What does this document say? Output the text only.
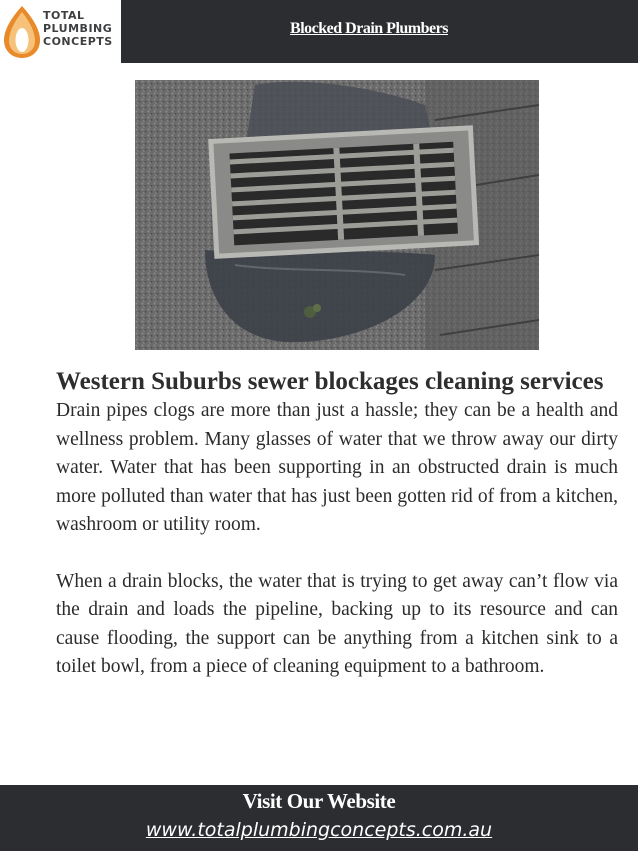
TOTAL
PLUMBING
CONCEPTS
Blocked Drain Plumbers
Western Suburbs sewer blockages cleaning services

Drain pipes clogs are more than just a hassle; they can be a health and wellness problem. Many glasses of water that we throw away our dirty water. Water that has been supporting in an obstructed drain is much more polluted than water that has just been gotten rid of from a kitchen, washroom or utility room.

When a drain blocks, the water that is trying to get away can’t flow via the drain and loads the pipeline, backing up to its resource and can cause flooding, the support can be anything from a kitchen sink to a toilet bowl, from a piece of cleaning equipment to a bathroom.

Visit Our Website
www.totalplumbingconcepts.com.au
